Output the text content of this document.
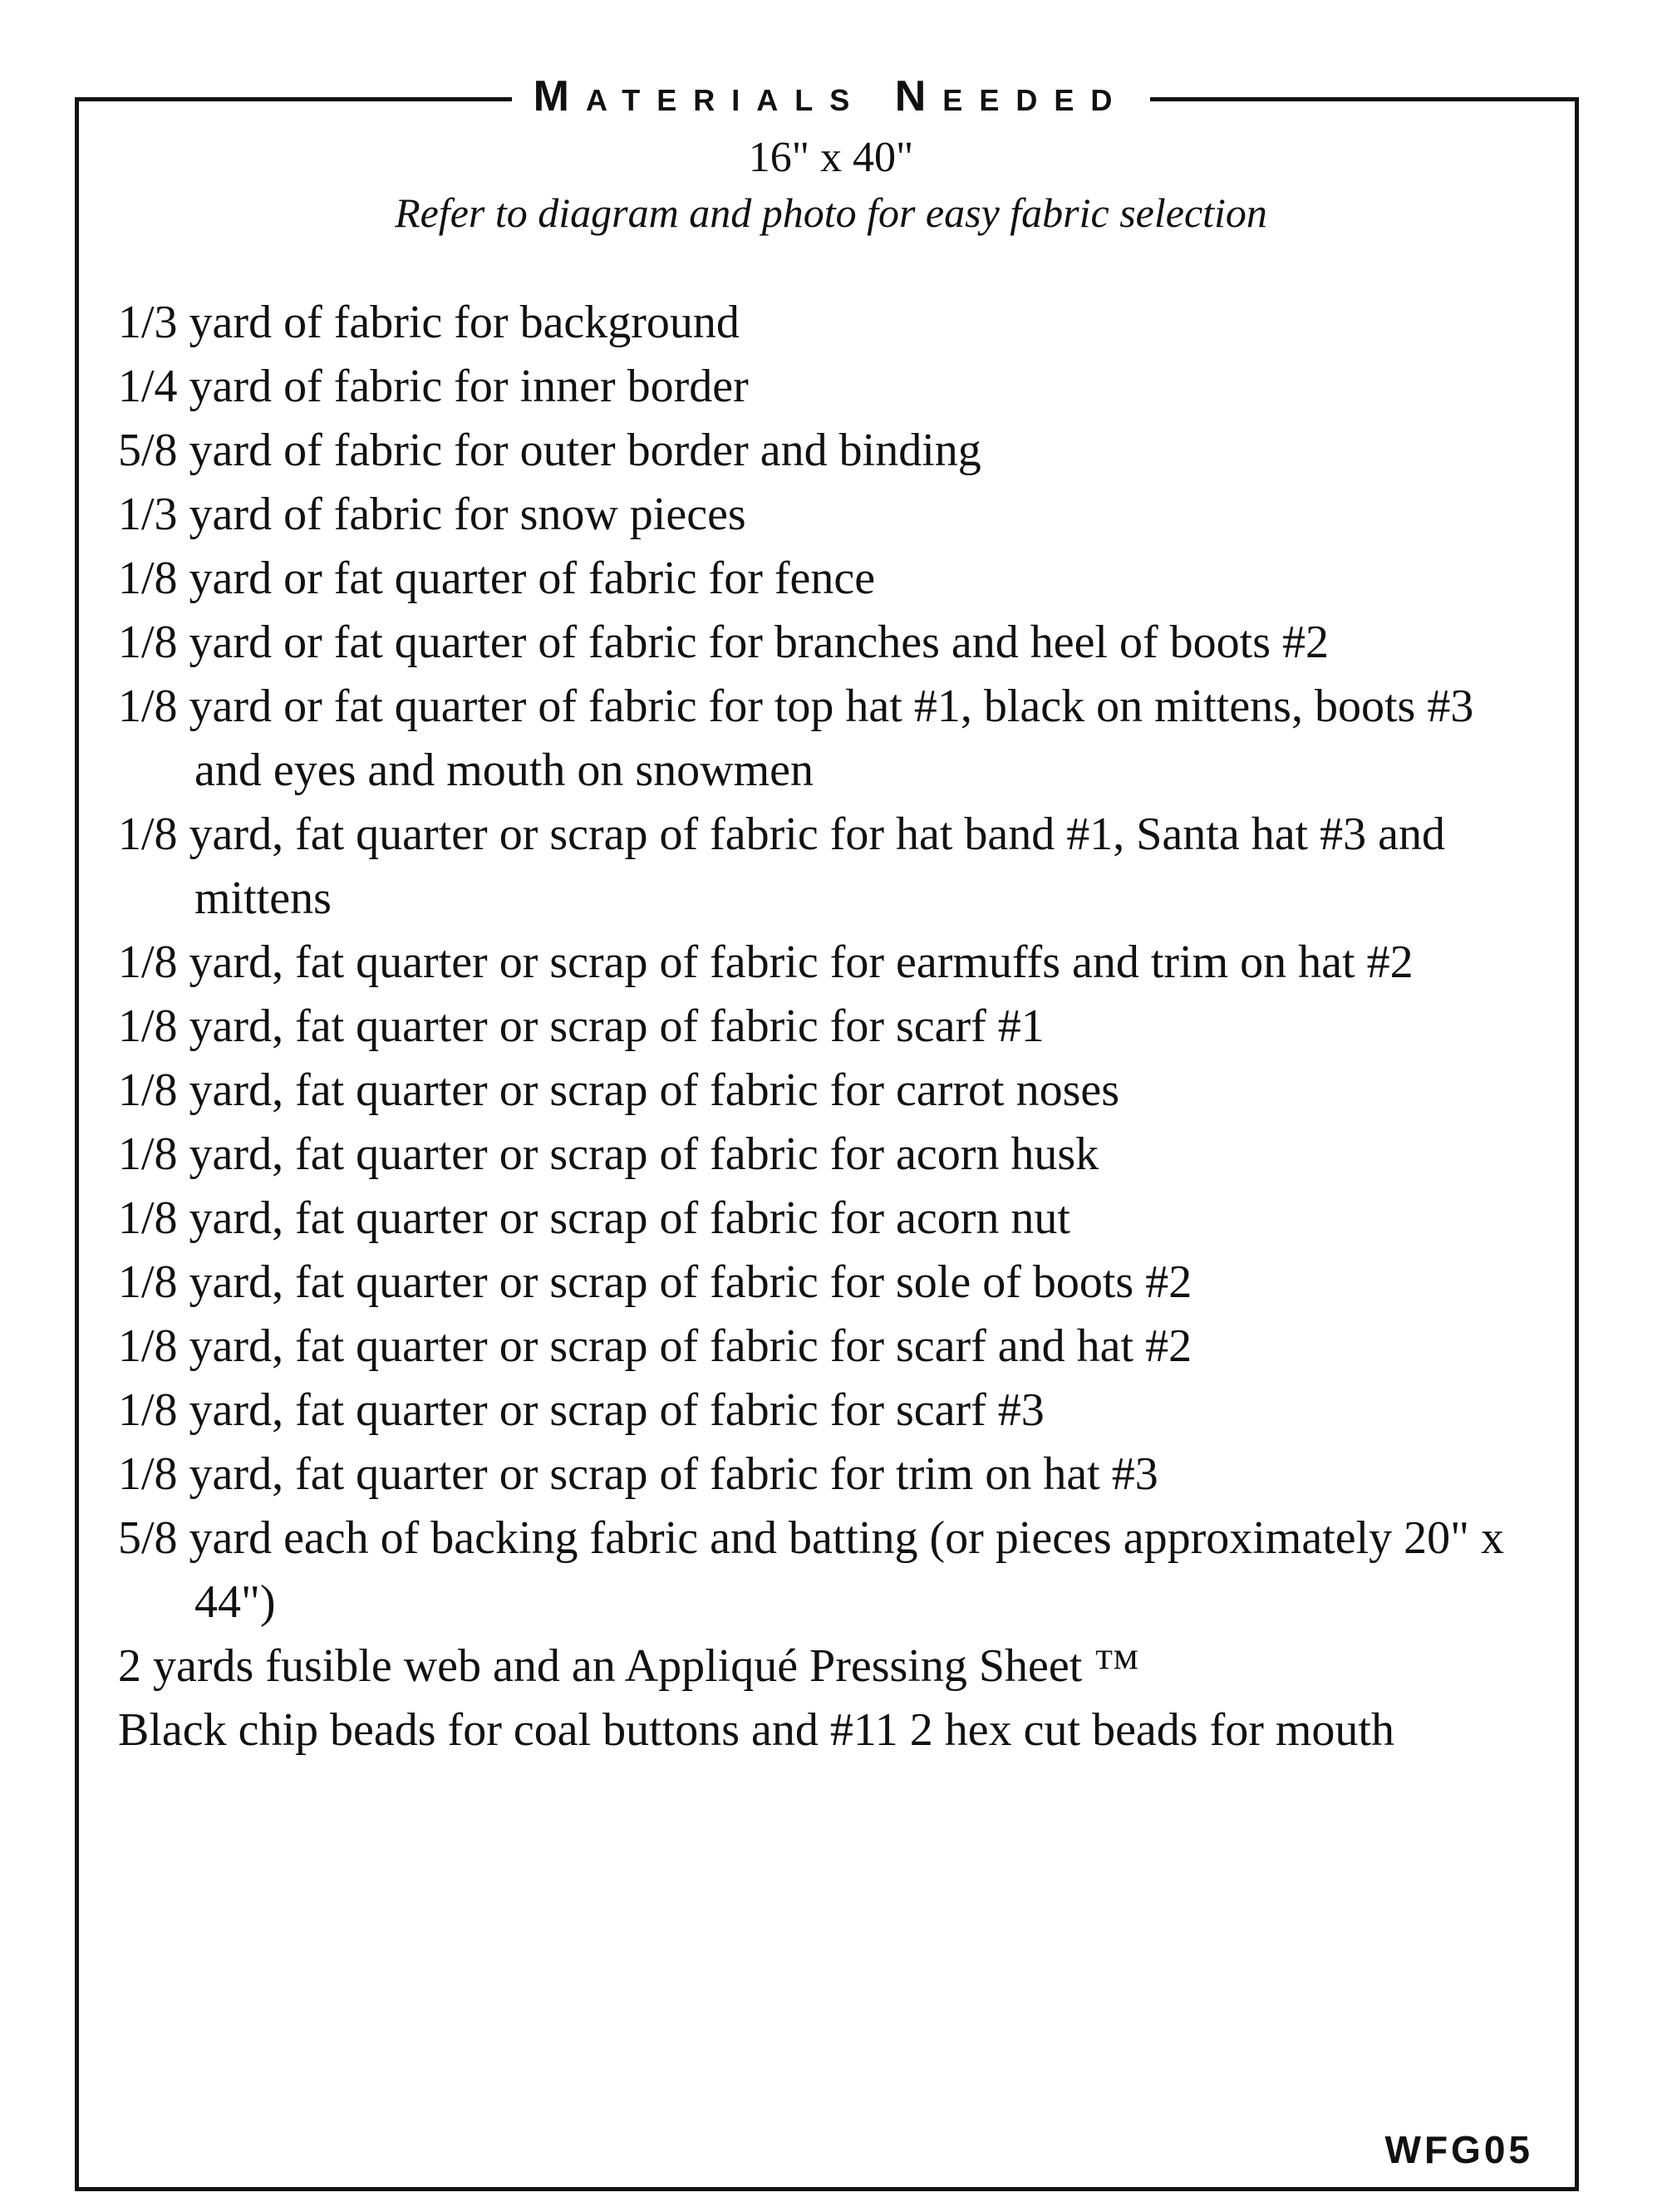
Materials Needed
16" x 40"
Refer to diagram and photo for easy fabric selection
1/3 yard of fabric for background
1/4 yard of fabric for inner border
5/8 yard of fabric for outer border and binding
1/3 yard of fabric for snow pieces
1/8 yard or fat quarter of fabric for fence
1/8 yard or fat quarter of fabric for branches and heel of boots #2
1/8 yard or fat quarter of fabric for top hat #1, black on mittens, boots #3 and eyes and mouth on snowmen
1/8 yard, fat quarter or scrap of fabric for hat band #1, Santa hat #3 and mittens
1/8 yard, fat quarter or scrap of fabric for earmuffs and trim on hat #2
1/8 yard, fat quarter or scrap of fabric for scarf #1
1/8 yard, fat quarter or scrap of fabric for carrot noses
1/8 yard, fat quarter or scrap of fabric for acorn husk
1/8 yard, fat quarter or scrap of fabric for acorn nut
1/8 yard, fat quarter or scrap of fabric for sole of boots #2
1/8 yard, fat quarter or scrap of fabric for scarf and hat #2
1/8 yard, fat quarter or scrap of fabric for scarf #3
1/8 yard, fat quarter or scrap of fabric for trim on hat #3
5/8 yard each of backing fabric and batting (or pieces approximately 20" x 44")
2 yards fusible web and an Appliqué Pressing Sheet ™
Black chip beads for coal buttons and #11 2 hex cut beads for mouth
WFG05
